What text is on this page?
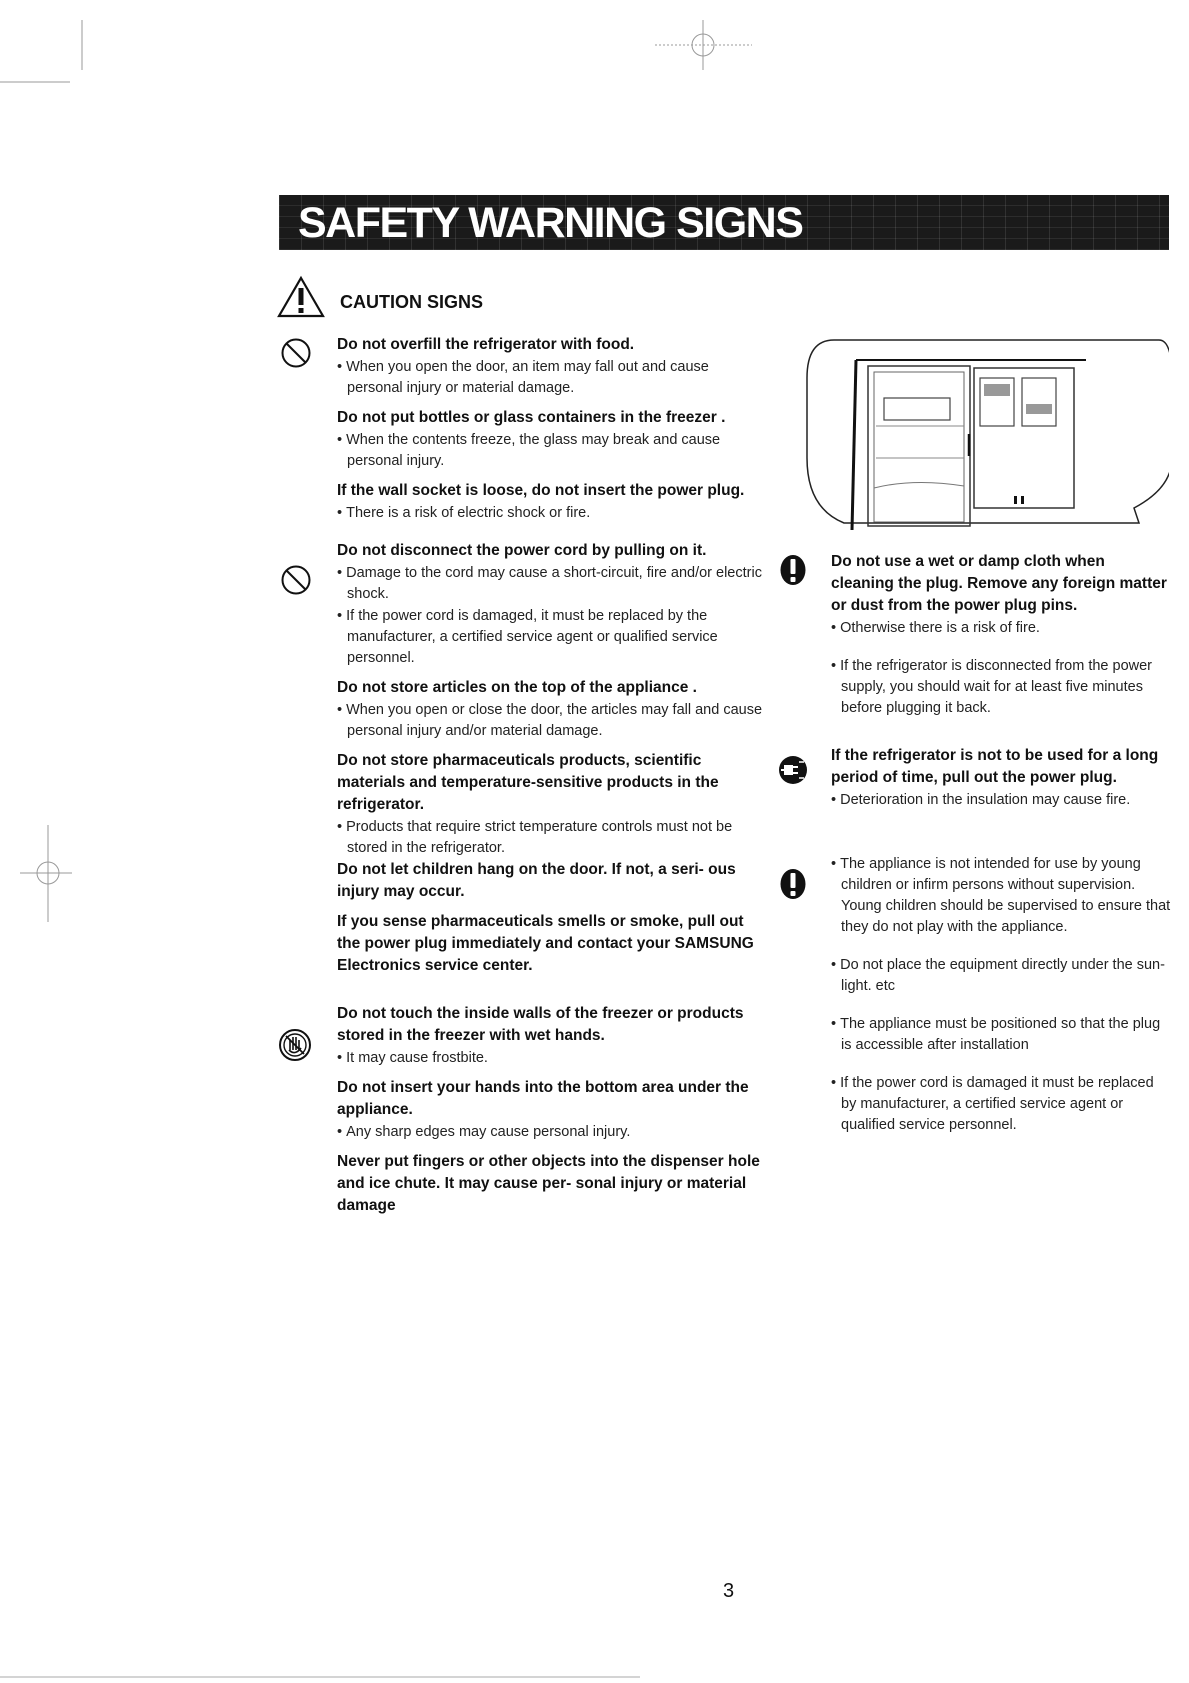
SAFETY WARNING SIGNS
CAUTION SIGNS

Do not overfill the refrigerator with food.

• When you open the door, an item may fall out and cause personal injury or material damage.

Do not put bottles or glass containers in the freezer .

• When the contents freeze, the glass may break and cause personal injury.

If the wall socket is loose, do not insert the power plug.

• There is a risk of electric shock or fire.

Do not disconnect the power cord by pulling on it.

• Damage to the cord may cause a short-circuit, fire and/or electric shock.

• If the power cord is damaged, it must be replaced by the manufacturer, a certified service agent or qualified service personnel.

Do not store articles on the top of the appliance .

• When you open or close the door, the articles may fall and cause personal injury and/or material damage.

Do not store pharmaceuticals products, scientific materials and temperature-sensitive products in the refrigerator.

• Products that require strict temperature controls must not be stored in the refrigerator.

Do not let children hang on the door. If not, a seri- ous injury may occur.

If you sense pharmaceuticals smells or smoke, pull out the power plug immediately and contact your SAMSUNG Electronics service center.

Do not touch the inside walls of the freezer or products stored in the freezer with wet hands.

• It may cause frostbite.

Do not insert your hands into the bottom area under the appliance.

• Any sharp edges may cause personal injury.

Never put fingers or other objects into the dispenser hole and ice chute. It may cause per- sonal injury or material damage

Do not use a wet or damp cloth when cleaning the plug. Remove any foreign matter or dust from the power plug pins.

• Otherwise there is a risk of fire.

• If the refrigerator is disconnected from the power supply, you should wait for at least five minutes before plugging it back.

If the refrigerator is not to be used for a long period of time, pull out the power plug.

• Deterioration in the insulation may cause fire.

• The appliance is not intended for use by young children or infirm persons without supervision.

Young children should be supervised to ensure that they do not play with the appliance.

• Do not place the equipment directly under the sun- light. etc

• The appliance must be positioned so that the plug is accessible after installation

• If the power cord is damaged it must be replaced by manufacturer, a certified service agent or qualified service personnel.

3
